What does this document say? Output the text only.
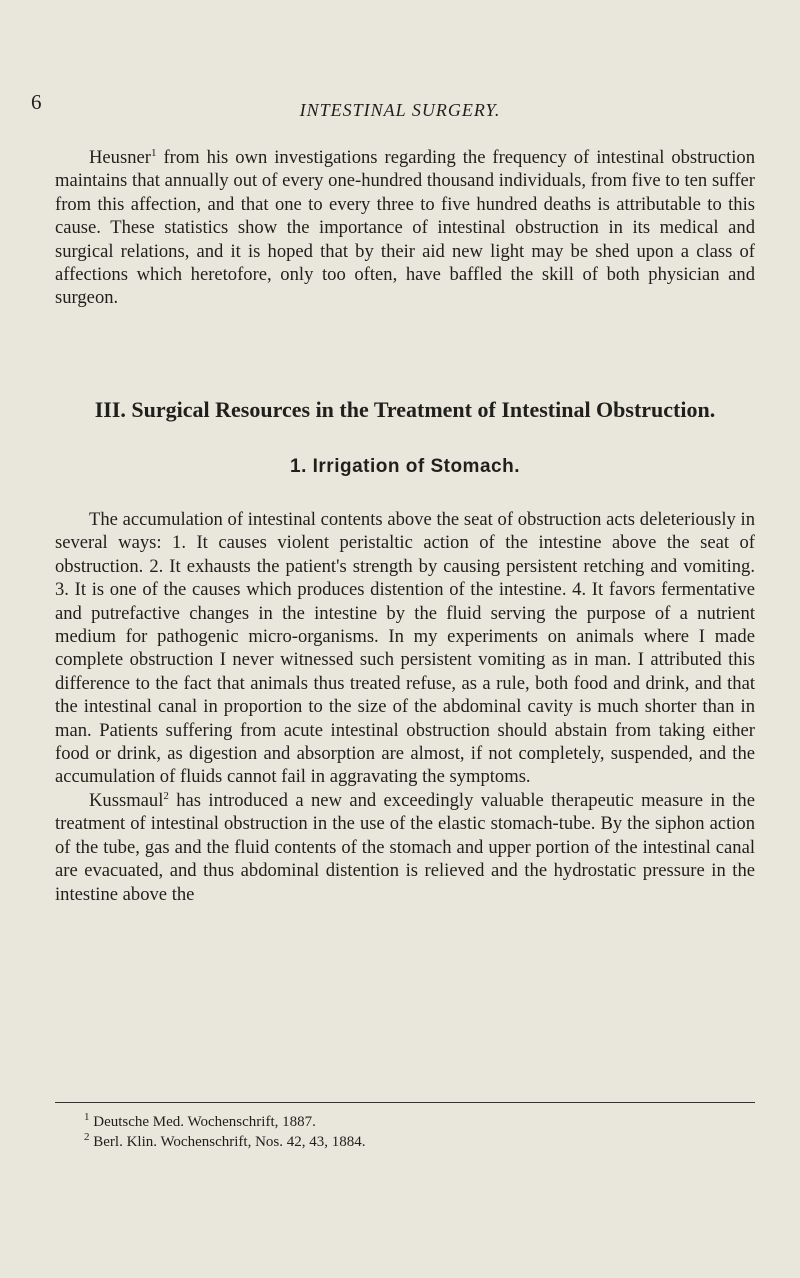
6	INTESTINAL SURGERY.

Heusner$^1$ from his own investigations regarding the frequency of intestinal obstruction maintains that annually out of every one-hundred thousand individuals, from five to ten suffer from this affection, and that one to every three to five hundred deaths is attributable to this cause. These statistics show the importance of intestinal obstruction in its medical and surgical relations, and it is hoped that by their aid new light may be shed upon a class of affections which heretofore, only too often, have baffled the skill of both physician and surgeon.

III. Surgical Resources in the Treatment of Intestinal Obstruction.
1. Irrigation of Stomach.

The accumulation of intestinal contents above the seat of obstruction acts deleteriously in several ways: 1. It causes violent peristaltic action of the intestine above the seat of obstruction. 2. It exhausts the patient's strength by causing persistent retching and vomiting. 3. It is one of the causes which produces distention of the intestine. 4. It favors fermentative and putrefactive changes in the intestine by the fluid serving the purpose of a nutrient medium for pathogenic micro-organisms. In my experiments on animals where I made complete obstruction I never witnessed such persistent vomiting as in man. I attributed this difference to the fact that animals thus treated refuse, as a rule, both food and drink, and that the intestinal canal in proportion to the size of the abdominal cavity is much shorter than in man. Patients suffering from acute intestinal obstruction should abstain from taking either food or drink, as digestion and absorption are almost, if not completely, suspended, and the accumulation of fluids cannot fail in aggravating the symptoms.

Kussmaul$^2$ has introduced a new and exceedingly valuable therapeutic measure in the treatment of intestinal obstruction in the use of the elastic stomach-tube. By the siphon action of the tube, gas and the fluid contents of the stomach and upper portion of the intestinal canal are evacuated, and thus abdominal distention is relieved and the hydrostatic pressure in the intestine above the

$^1$ Deutsche Med. Wochenschrift, 1887.
$^2$ Berl. Klin. Wochenschrift, Nos. 42, 43, 1884.
